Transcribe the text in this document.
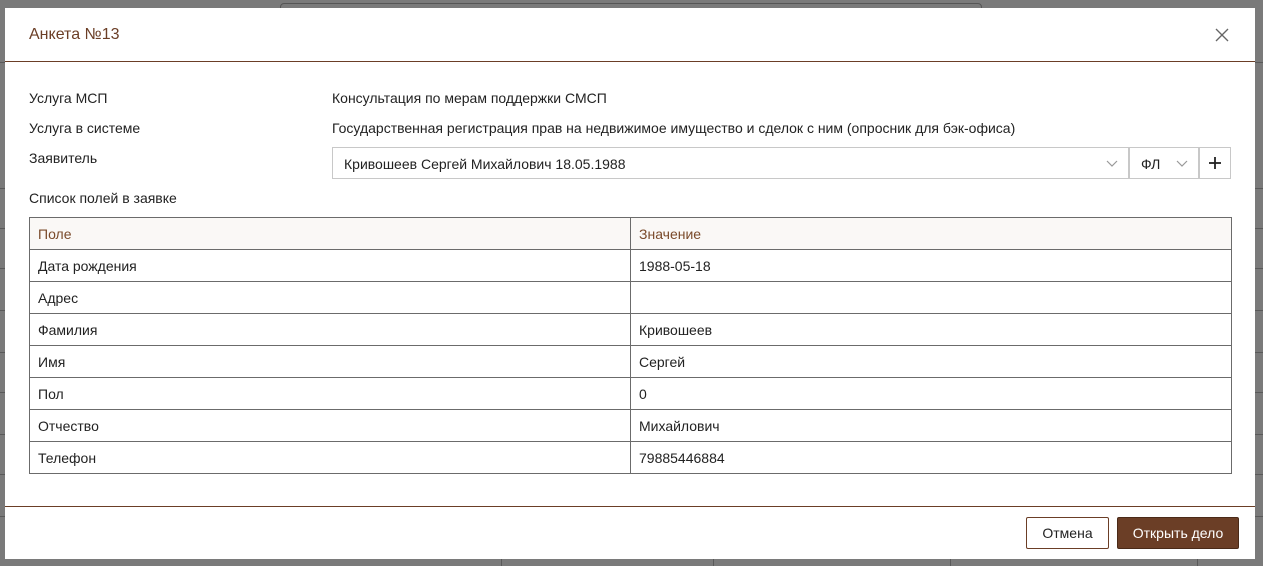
Анкета №13
Услуга МСП	Консультация по мерам поддержки СМСП
Услуга в системе	Государственная регистрация прав на недвижимое имущество и сделок с ним (опросник для бэк-офиса)
Заявитель	Кривошеев Сергей Михайлович 18.05.1988	ФЛ
Список полей в заявке
Поле	Значение
Дата рождения	1988-05-18
Адрес	
Фамилия	Кривошеев
Имя	Сергей
Пол	0
Отчество	Михайлович
Телефон	79885446884
Отмена	Открыть дело
